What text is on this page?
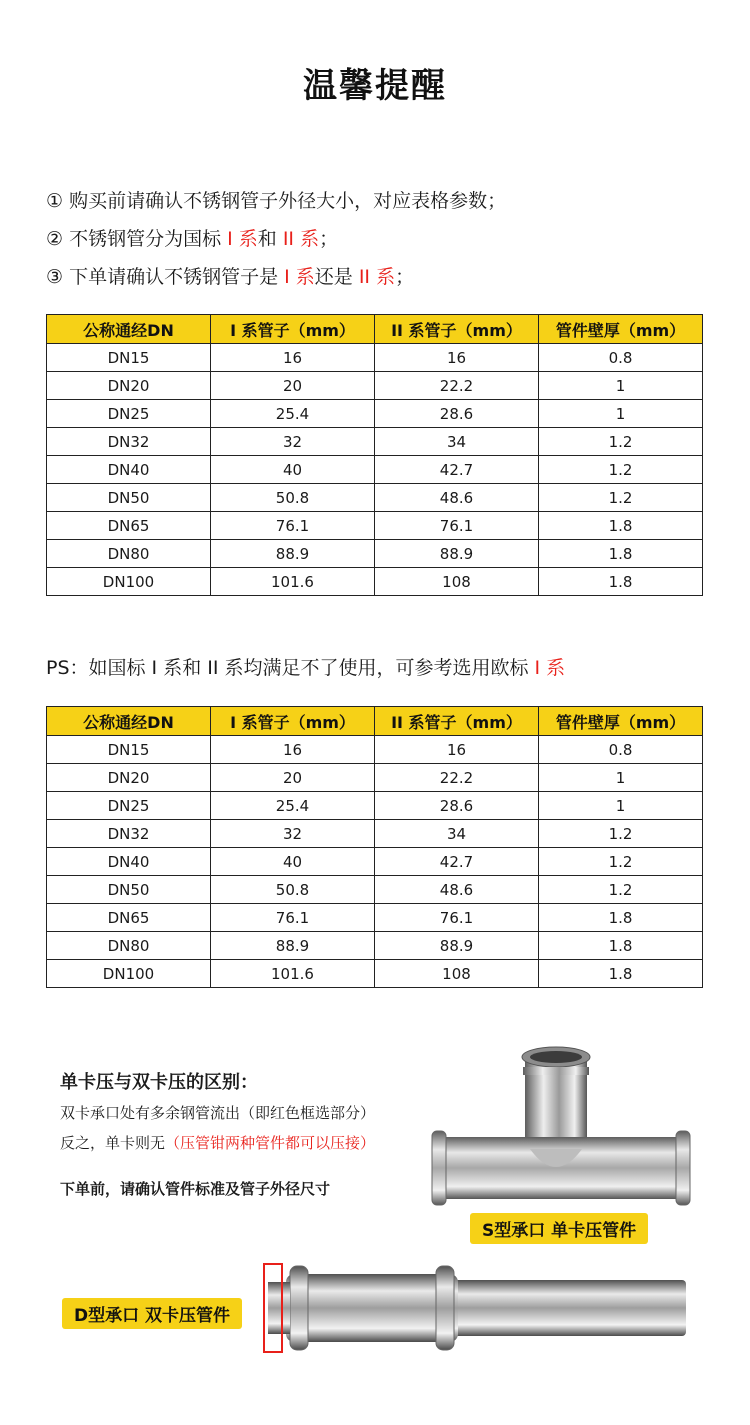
温馨提醒
① 购买前请确认不锈钢管子外径大小，对应表格参数；
② 不锈钢管分为国标 I 系和 II 系；
③ 下单请确认不锈钢管子是 I 系还是 II 系；
公称通经DN	I 系管子（mm）	II 系管子（mm）	管件壁厚（mm）
DN15	16	16	0.8
DN20	20	22.2	1
DN25	25.4	28.6	1
DN32	32	34	1.2
DN40	40	42.7	1.2
DN50	50.8	48.6	1.2
DN65	76.1	76.1	1.8
DN80	88.9	88.9	1.8
DN100	101.6	108	1.8
PS：如国标 I 系和 II 系均满足不了使用，可参考选用欧标 I 系
公称通经DN	I 系管子（mm）	II 系管子（mm）	管件壁厚（mm）
DN15	16	16	0.8
DN20	20	22.2	1
DN25	25.4	28.6	1
DN32	32	34	1.2
DN40	40	42.7	1.2
DN50	50.8	48.6	1.2
DN65	76.1	76.1	1.8
DN80	88.9	88.9	1.8
DN100	101.6	108	1.8
单卡压与双卡压的区别：
双卡承口处有多余钢管流出（即红色框选部分）
反之，单卡则无（压管钳两种管件都可以压接）
下单前，请确认管件标准及管子外径尺寸
S型承口 单卡压管件
D型承口 双卡压管件
